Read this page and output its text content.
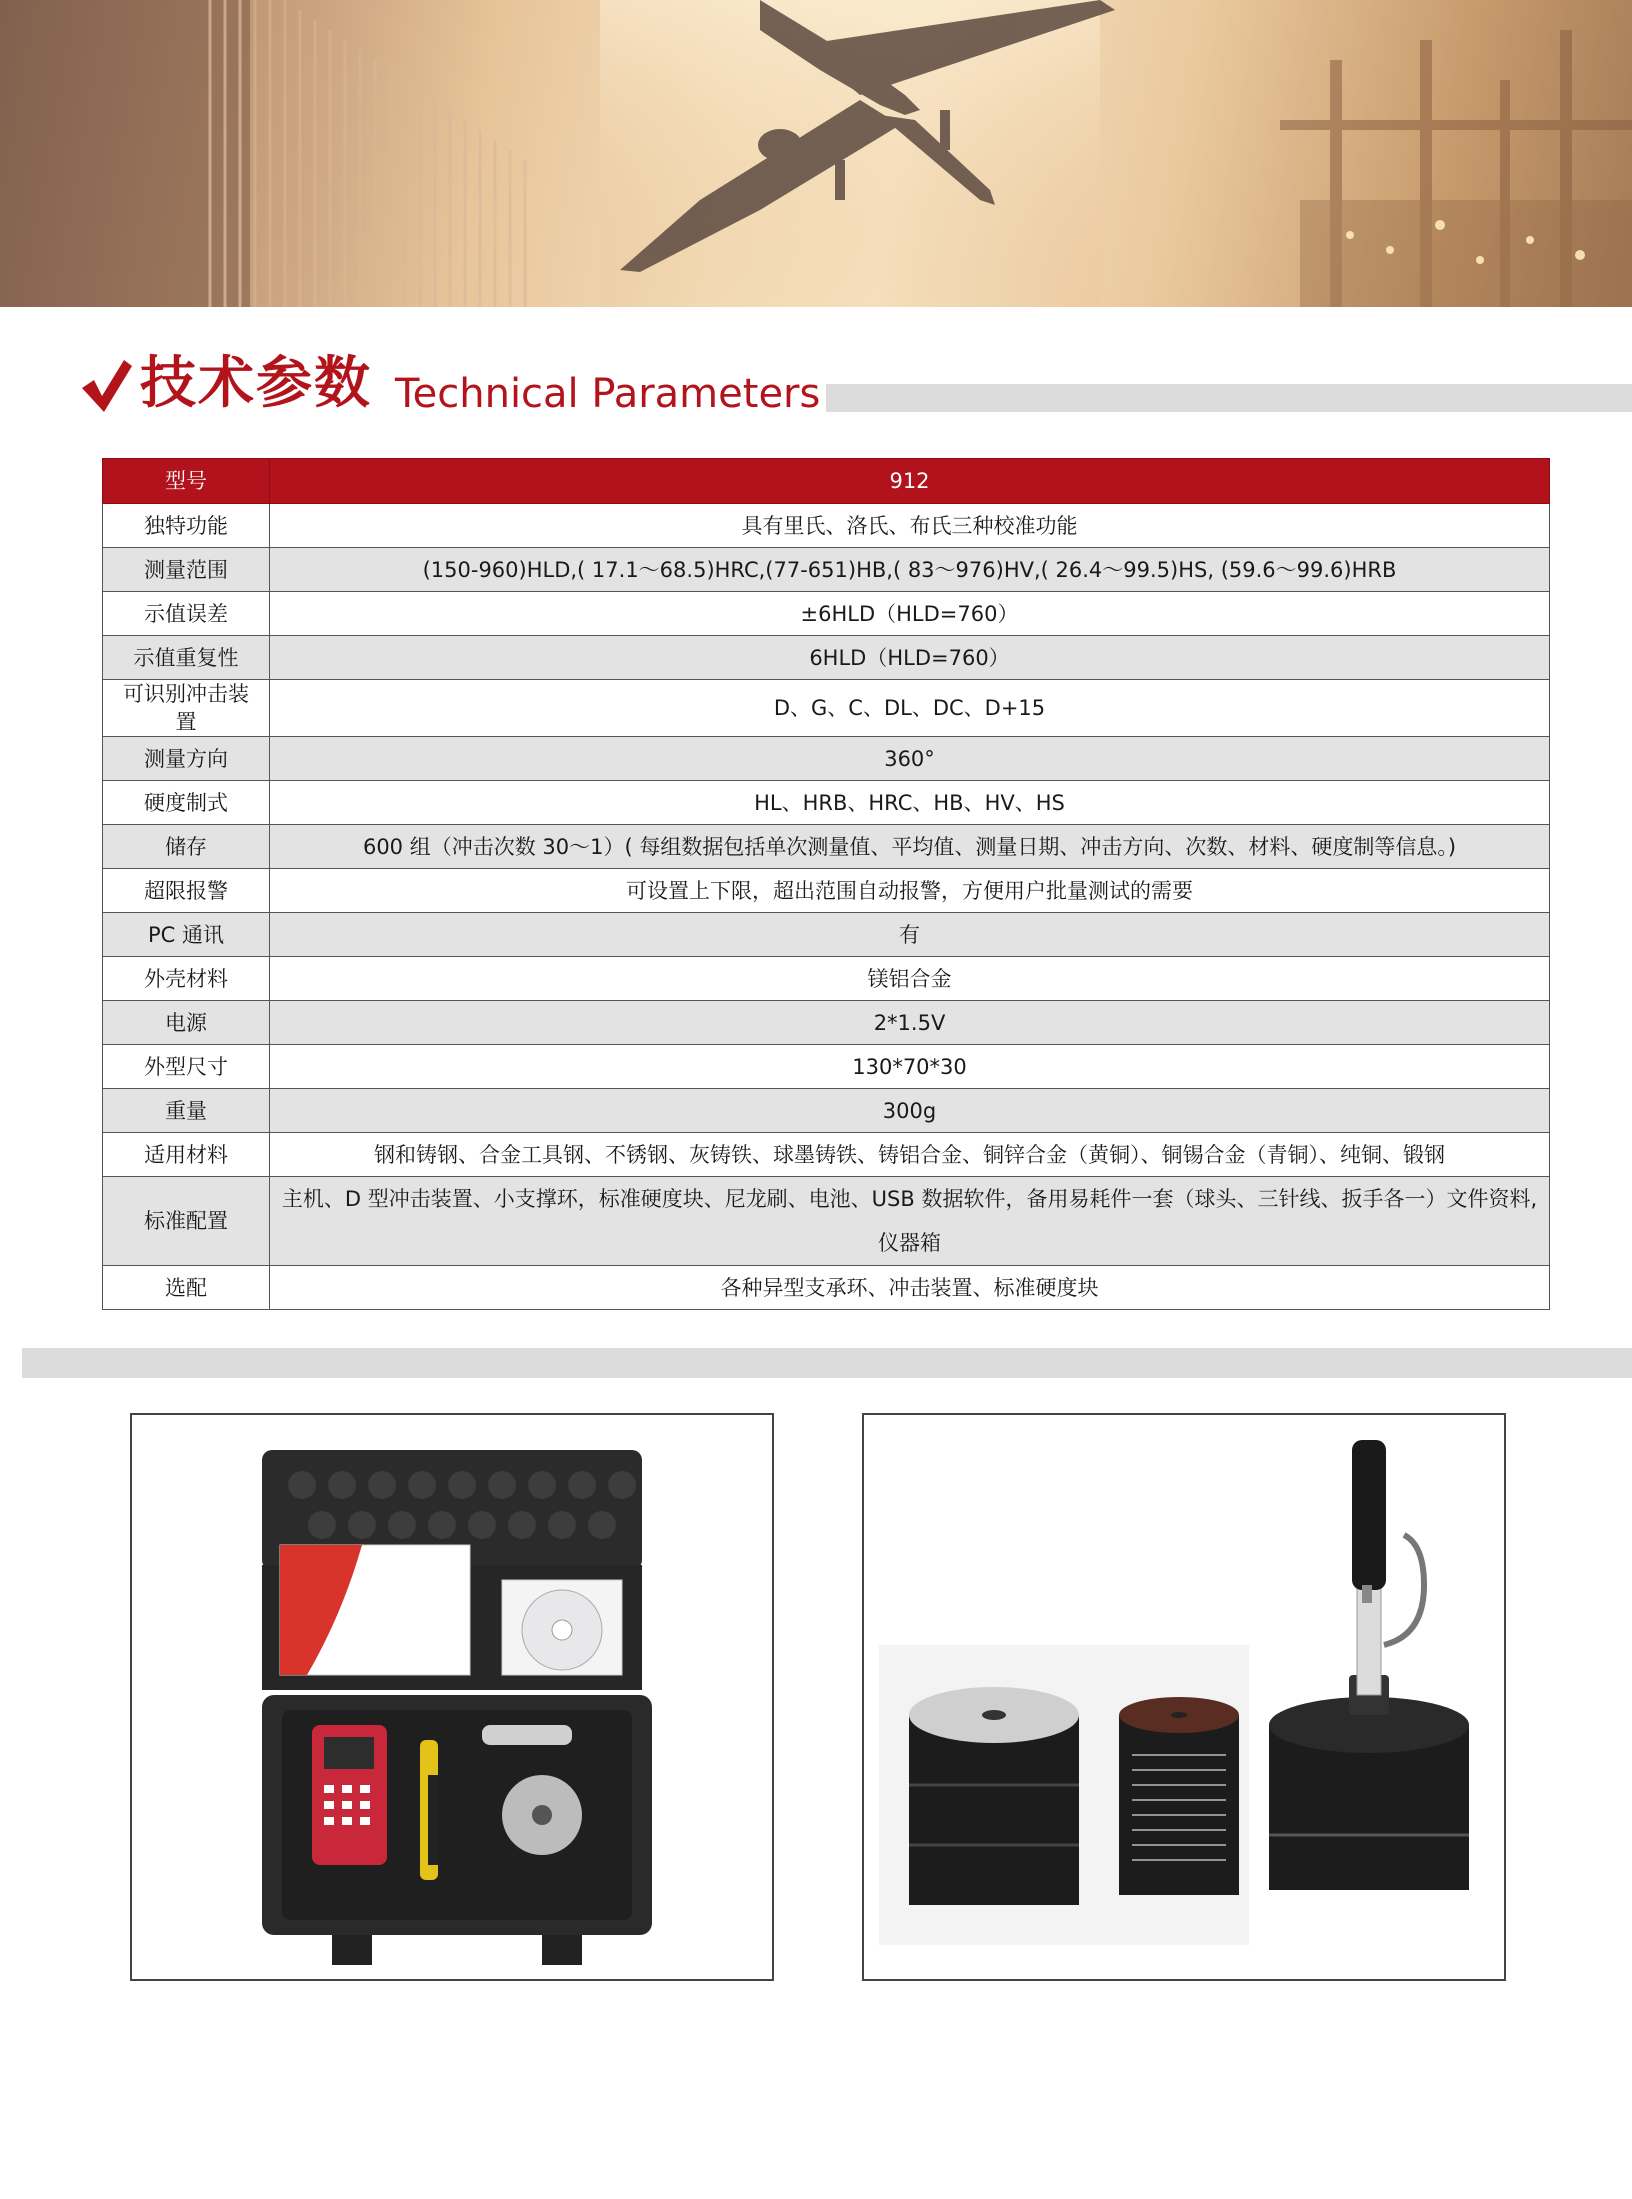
技术参数 Technical Parameters
型号	912
独特功能	具有里氏、洛氏、布氏三种校准功能
测量范围	(150-960)HLD,( 17.1～68.5)HRC,(77-651)HB,( 83～976)HV,( 26.4～99.5)HS, (59.6～99.6)HRB
示值误差	±6HLD（HLD=760）
示值重复性	6HLD（HLD=760）
可识别冲击装置	D、G、C、DL、DC、D+15
测量方向	360°
硬度制式	HL、HRB、HRC、HB、HV、HS
储存	600 组（冲击次数 30～1）( 每组数据包括单次测量值、平均值、测量日期、冲击方向、次数、材料、硬度制等信息。)
超限报警	可设置上下限，超出范围自动报警，方便用户批量测试的需要
PC 通讯	有
外壳材料	镁铝合金
电源	2*1.5V
外型尺寸	130*70*30
重量	300g
适用材料	钢和铸钢、合金工具钢、不锈钢、灰铸铁、球墨铸铁、铸铝合金、铜锌合金（黄铜）、铜锡合金（青铜）、纯铜、锻钢
标准配置	主机、D 型冲击装置、小支撑环，标准硬度块、尼龙刷、电池、USB 数据软件，备用易耗件一套（球头、三针线、扳手各一）文件资料,仪器箱
选配	各种异型支承环、冲击装置、标准硬度块
